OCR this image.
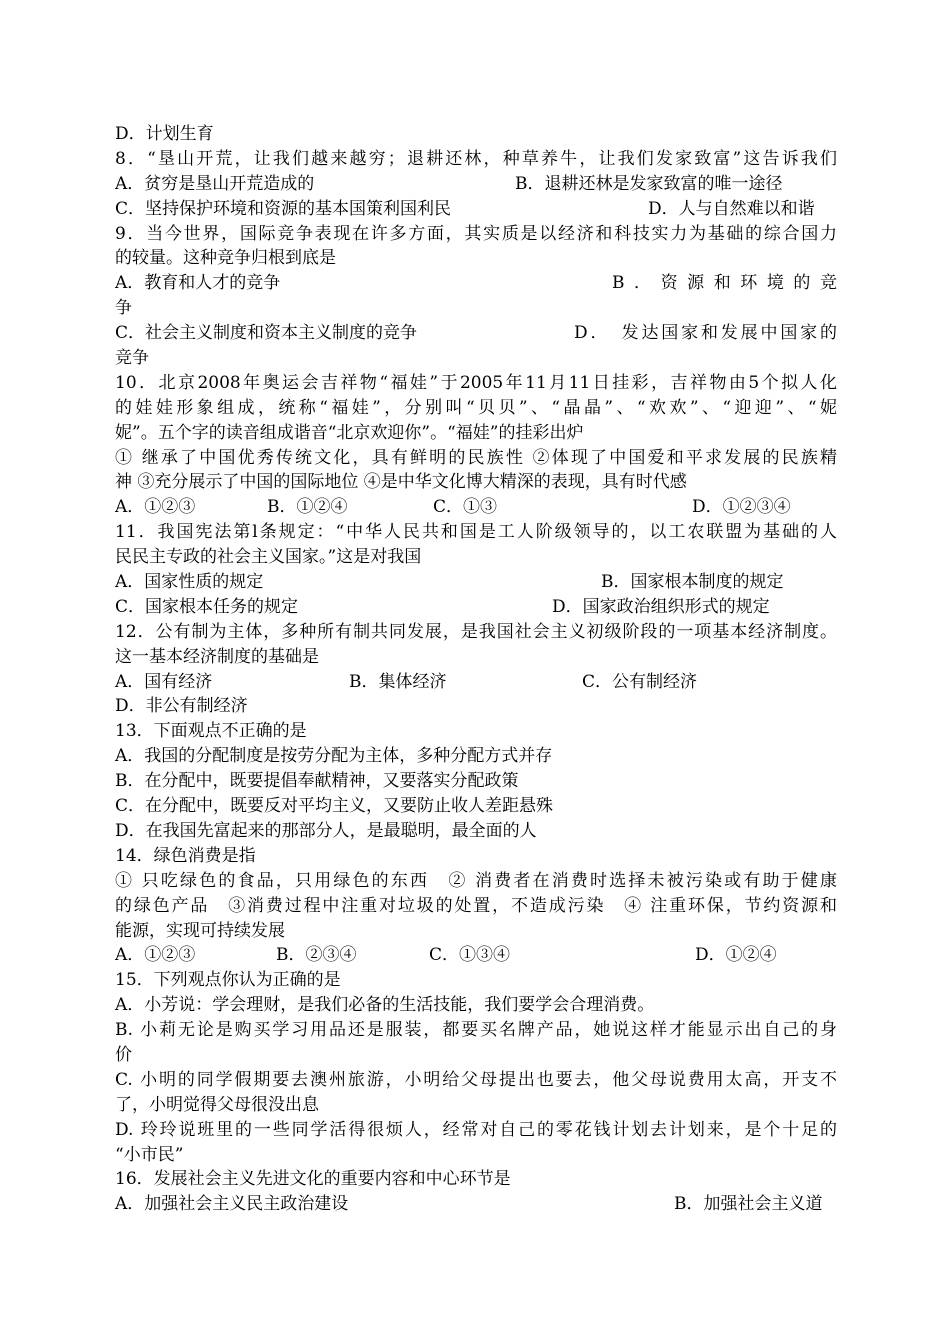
D．计划生育
8．“垦山开荒，让我们越来越穷；退耕还林，种草养牛，让我们发家致富”这告诉我们
A．贫穷是垦山开荒造成的	B．退耕还林是发家致富的唯一途径
C．坚持保护环境和资源的基本国策利国利民	D．人与自然难以和谐
9．当今世界，国际竞争表现在许多方面，其实质是以经济和科技实力为基础的综合国力
的较量。这种竞争归根到底是
A．教育和人才的竞争	B．资源和环境的竞
争
C．社会主义制度和资本主义制度的竞争	D．　发达国家和发展中国家的
竞争
10．北京2008年奥运会吉祥物“福娃”于2005年11月11日挂彩，吉祥物由5个拟人化
的娃娃形象组成，统称“福娃”，分别叫“贝贝”、“晶晶”、“欢欢”、“迎迎”、“妮
妮”。五个字的读音组成谐音“北京欢迎你”。“福娃”的挂彩出炉
① 继承了中国优秀传统文化，具有鲜明的民族性 ②体现了中国爱和平求发展的民族精
神 ③充分展示了中国的国际地位 ④是中华文化博大精深的表现，具有时代感
A．①②③	B．①②④	C．①③	D．①②③④
11．我国宪法第l条规定：“中华人民共和国是工人阶级领导的，以工农联盟为基础的人
民民主专政的社会主义国家。”这是对我国
A．国家性质的规定	B．国家根本制度的规定
C．国家根本任务的规定	D．国家政治组织形式的规定
12．公有制为主体，多种所有制共同发展，是我国社会主义初级阶段的一项基本经济制度。
这一基本经济制度的基础是
A．国有经济	B．集体经济	C．公有制经济
D．非公有制经济
13．下面观点不正确的是
A．我国的分配制度是按劳分配为主体，多种分配方式并存
B．在分配中，既要提倡奉献精神，又要落实分配政策
C．在分配中，既要反对平均主义，又要防止收人差距悬殊
D．在我国先富起来的那部分人，是最聪明，最全面的人
14．绿色消费是指
① 只吃绿色的食品，只用绿色的东西　② 消费者在消费时选择未被污染或有助于健康
的绿色产品　③消费过程中注重对垃圾的处置，不造成污染　④ 注重环保，节约资源和
能源，实现可持续发展
A．①②③	B．②③④	C．①③④	D．①②④
15．下列观点你认为正确的是
A．小芳说：学会理财，是我们必备的生活技能，我们要学会合理消费。
B. 小莉无论是购买学习用品还是服装，都要买名牌产品，她说这样才能显示出自己的身
价
C. 小明的同学假期要去澳州旅游，小明给父母提出也要去，他父母说费用太高，开支不
了，小明觉得父母很没出息
D. 玲玲说班里的一些同学活得很烦人，经常对自己的零花钱计划去计划来，是个十足的
“小市民”
16．发展社会主义先进文化的重要内容和中心环节是
A．加强社会主义民主政治建设	B．加强社会主义道
